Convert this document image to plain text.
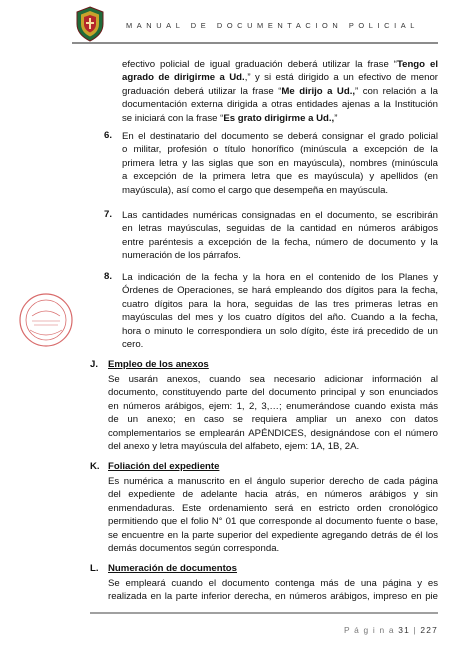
MANUAL DE DOCUMENTACION POLICIAL
efectivo policial de igual graduación deberá utilizar la frase “Tengo el
agrado de dirigirme a Ud.,” y si está dirigido a un efectivo de menor
graduación deberá utilizar la frase “Me dirijo a Ud.,” con relación a la
documentación externa dirigida a otras entidades ajenas a la Institución
se iniciará con la frase “Es grato dirigirme a Ud.,”
6. En el destinatario del documento se deberá consignar el grado policial
o militar, profesión o título honorífico (minúscula a excepción de la
primera letra y las siglas que son en mayúscula), nombres (minúscula
a excepción de la primera letra que es mayúscula) y apellidos (en
mayúscula), así como el cargo que desempeña en mayúscula.
7. Las cantidades numéricas consignadas en el documento, se escribirán
en letras mayúsculas, seguidas de la cantidad en números arábigos
entre paréntesis a excepción de la fecha, número de documento y la
numeración de los párrafos.
8. La indicación de la fecha y la hora en el contenido de los Planes y
Órdenes de Operaciones, se hará empleando dos dígitos para la fecha,
cuatro dígitos para la hora, seguidas de las tres primeras letras en
mayúsculas del mes y los cuatro dígitos del año. Cuando a la fecha,
hora o minuto le correspondiera un solo dígito, éste irá precedido de un
cero.
J. Empleo de los anexos
Se usarán anexos, cuando sea necesario adicionar información al
documento, constituyendo parte del documento principal y son enunciados
en números arábigos, ejem: 1, 2, 3,…; enumerándose cuando exista más
de un anexo; en caso se requiera ampliar un anexo con datos
complementarios se emplearán APÉNDICES, designándose con el número
del anexo y letra mayúscula del alfabeto, ejem: 1A, 1B, 2A.
K. Foliación del expediente
Es numérica a manuscrito en el ángulo superior derecho de cada página
del expediente de adelante hacia atrás, en números arábigos y sin
enmendaduras. Este ordenamiento será en estricto orden cronológico
permitiendo que el folio N° 01 que corresponde al documento fuente o base,
se encuentre en la parte superior del expediente agregando detrás de él los
demás documentos según corresponda.
L. Numeración de documentos
Se empleará cuando el documento contenga más de una página y es
realizada en la parte inferior derecha, en números arábigos, impreso en pie
P á g i n a 31 | 227
